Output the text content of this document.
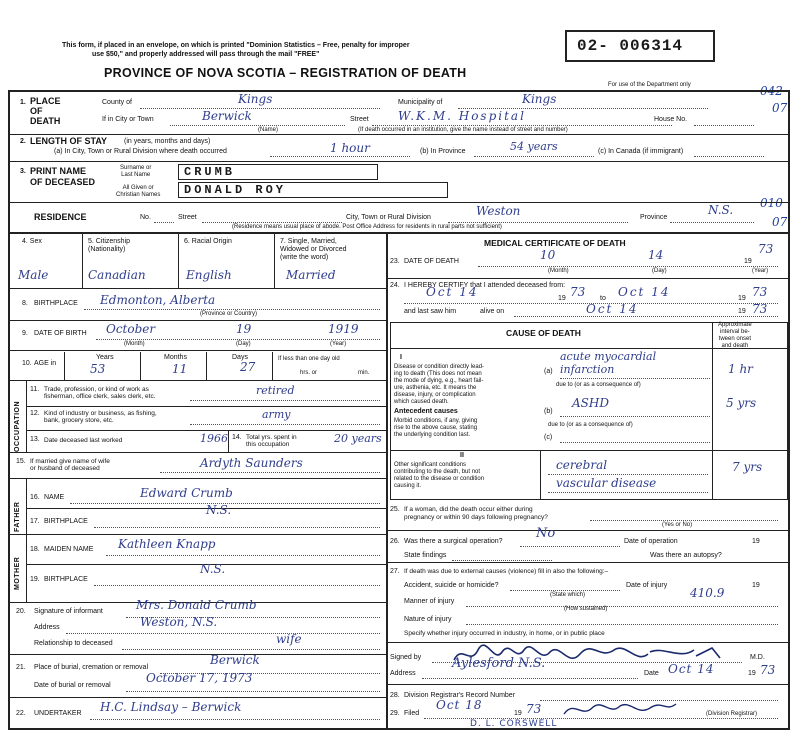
This form, if placed in an envelope, on which is printed "Dominion Statistics – Free, penalty for improper
use $50," and properly addressed will pass through the mail "FREE"
PROVINCE OF NOVA SCOTIA – REGISTRATION OF DEATH
02- 006314
For use of the Department only	042
07
010
07
1. PLACE
OF
DEATH
County of	Kings	Municipality of	Kings
If in City or Town	Berwick
(Name)
Street W.K.M. Hospital	House No.
(If death occurred in an institution, give the name instead of street and number)
2. LENGTH OF STAY (in years, months and days)
(a) In City, Town or Rural Division where death occurred	1 hour	(b) In Province	54 years	(c) In Canada (if immigrant)
3. PRINT NAME
OF DECEASED
Surname or
Last Name	CRUMB
All Given or
Christian Names DONALD ROY
RESIDENCE	No.	Street	City, Town or Rural Division	Weston	Province
N.S.
(Residence means usual place of abode. Post Office Address for residents in rural parts not sufficient)
4. Sex	5. Citizenship
(Nationality)
6. Racial Origin	7. Single, Married,
Widowed or Divorced
(write the word)
Male	Canadian	English	Married
8. BIRTHPLACE Edmonton, Alberta
(Province or Country)
9. DATE OF BIRTH October	19	1919
(Month)	(Day)	(Year)
10. AGE in
Years	Months	Days
53	11	27
If less than one day old
hrs. or	min.
OCCUPATION
11. Trade, profession, or kind of work as
fisherman, office clerk, sales clerk, etc.	retired
12. Kind of industry or business, as fishing,
bank, grocery store, etc.	army
13. Date deceased last worked	1966 14. Total yrs. spent in
this occupation	20 years
15. If married give name of wife
or husband of deceased	Ardyth Saunders
FATHER
16. NAME	Edward Crumb
17. BIRTHPLACE
N.S.
MOTHER
18. MAIDEN NAME Kathleen Knapp
19. BIRTHPLACE
N.S.
20. Signature of informant	Mrs. Donald Crumb
Address	Weston, N.S.
Relationship to deceased	wife
21. Place of burial, cremation or removal
Berwick
Date of burial or removal
October 17, 1973
22. UNDERTAKER H.C. Lindsay – Berwick
MEDICAL CERTIFICATE OF DEATH
23. DATE OF DEATH	10	14	73
19
(Month)	(Day)	(Year)
24. I HEREBY CERTIFY that I attended deceased from:
Oct 14	19 73 to Oct 14	19 73
and last saw him	alive on	Oct 14	19 73
CAUSE OF DEATH
Approximate
interval be-
tween onset
and death
I
Disease or condition directly lead-
ing to death (This does not mean
the mode of dying, e.g., heart fail-
ure, asthenia, etc. It means the
disease, injury, or complication
which caused death.
(a)
acute myocardial infarction	1 hr
due to (or as a consequence of)
Antecedent causes
Morbid conditions, if any, giving
rise to the above cause, stating
the underlying condition last.
(b)
ASHD	5 yrs
due to (or as a consequence of)
(c)
II
Other significant conditions
contributing to the death, but not
related to the disease or condition
causing it.
cerebral
vascular disease
7 yrs
25. If a woman, did the death occur either during
pregnancy or within 90 days following pregnancy?
(Yes or No)
26. Was there a surgical operation?
No
Date of operation	19
State findings	Was there an autopsy?
27. If death was due to external causes (violence) fill in also the following:–
Accident, suicide or homicide?
(State which)
Date of injury	19
Manner of injury
410.9
(How sustained)
Nature of injury
Specify whether injury occurred in industry, in home, or in public place
Signed by	M.D.
Address
Aylesford N.S.
Date Oct 14	19 73
28. Division Registrar's Record Number
29. Filed
Oct 18
19 73	(Division Registrar)
D. L. CORSWELL
